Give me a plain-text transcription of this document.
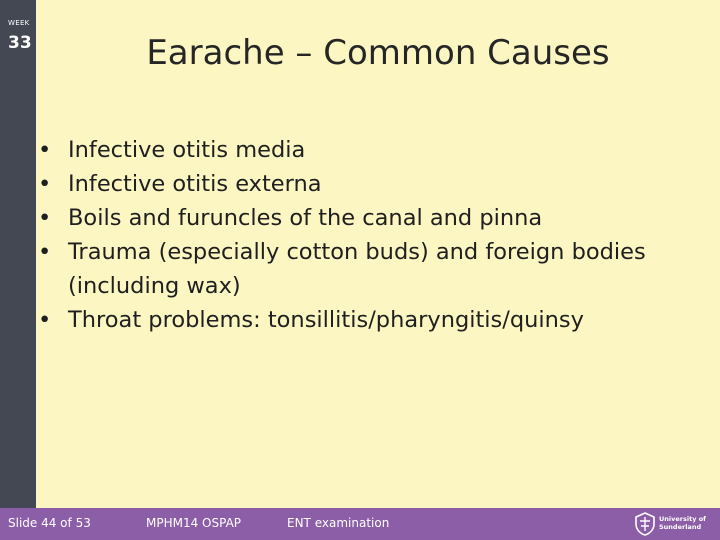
WEEK
33	Earache – Common Causes
• Infective otitis media
• Infective otitis externa
• Boils and furuncles of the canal and pinna
• Trauma (especially cotton buds) and foreign bodies (including wax)
• Throat problems: tonsillitis/pharyngitis/quinsy
Slide 44 of 53	MPHM14 OSPAP	ENT examination	University of
Sunderland
